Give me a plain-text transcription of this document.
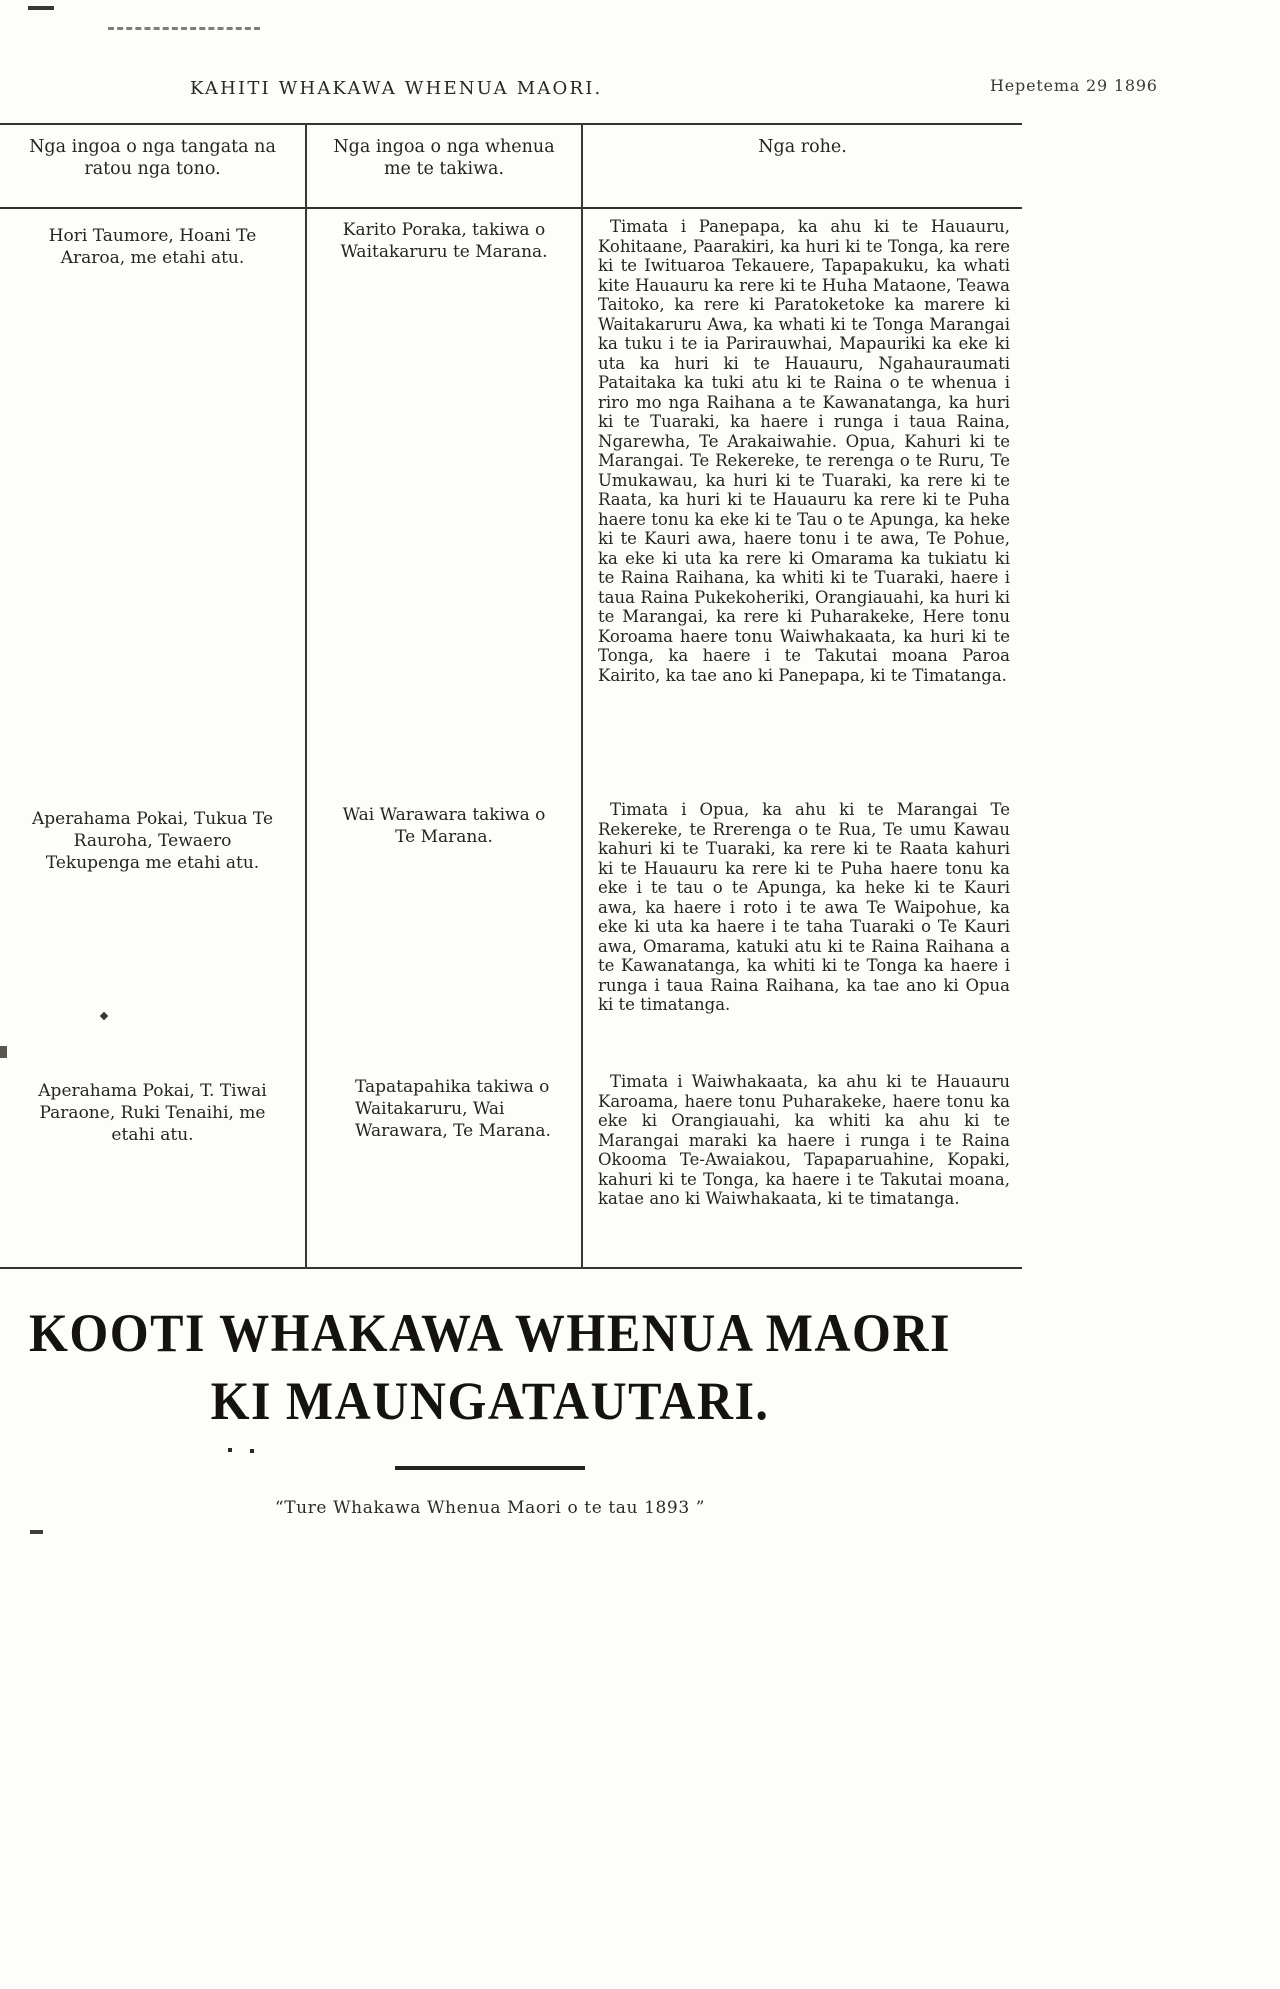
KAHITI WHAKAWA WHENUA MAORI.	Hepetema 29 1896
Nga ingoa o nga tangata na ratou nga tono.	Nga ingoa o nga whenua me te takiwa.	Nga rohe.
Hori Taumore, Hoani Te Araroa, me etahi atu.	Karito Poraka, takiwa o Waitakaruru te Marana.	Timata i Panepapa, ka ahu ki te Hauauru, Kohitaane, Paarakiri, ka huri ki te Tonga, ka rere ki te Iwituaroa Tekauere, Tapapakuku, ka whati kite Hauauru ka rere ki te Huha Mataone, Teawa Taitoko, ka rere ki Paratoketoke ka marere ki Waitakaruru Awa, ka whati ki te Tonga Marangai ka tuku i te ia Parirauwhai, Mapauriki ka eke ki uta ka huri ki te Hauauru, Ngahauraumati Pataitaka ka tuki atu ki te Raina o te whenua i riro mo nga Raihana a te Kawanatanga, ka huri ki te Tuaraki, ka haere i runga i taua Raina, Ngarewha, Te Arakaiwahie. Opua, Kahuri ki te Marangai. Te Rekereke, te rerenga o te Ruru, Te Umukawau, ka huri ki te Tuaraki, ka rere ki te Raata, ka huri ki te Hauauru ka rere ki te Puha haere tonu ka eke ki te Tau o te Apunga, ka heke ki te Kauri awa, haere tonu i te awa, Te Pohue, ka eke ki uta ka rere ki Omarama ka tukiatu ki te Raina Raihana, ka whiti ki te Tuaraki, haere i taua Raina Pukekoheriki, Orangiauahi, ka huri ki te Marangai, ka rere ki Puharakeke, Here tonu Koroama haere tonu Waiwhakaata, ka huri ki te Tonga, ka haere i te Takutai moana Paroa Kairito, ka tae ano ki Panepapa, ki te Timatanga.
Aperahama Pokai, Tukua Te Rauroha, Tewaero Tekupenga me etahi atu.	Wai Warawara takiwa o Te Marana.	Timata i Opua, ka ahu ki te Marangai Te Rekereke, te Rrerenga o te Rua, Te umu Kawau kahuri ki te Tuaraki, ka rere ki te Raata kahuri ki te Hauauru ka rere ki te Puha haere tonu ka eke i te tau o te Apunga, ka heke ki te Kauri awa, ka haere i roto i te awa Te Waipohue, ka eke ki uta ka haere i te taha Tuaraki o Te Kauri awa, Omarama, katuki atu ki te Raina Raihana a te Kawanatanga, ka whiti ki te Tonga ka haere i runga i taua Raina Raihana, ka tae ano ki Opua ki te timatanga.
Aperahama Pokai, T. Tiwai Paraone, Ruki Tenaihi, me etahi atu.	Tapatapahika takiwa o Waitakaruru, Wai Warawara, Te Marana.	Timata i Waiwhakaata, ka ahu ki te Hauauru Karoama, haere tonu Puharakeke, haere tonu ka eke ki Orangiauahi, ka whiti ka ahu ki te Marangai maraki ka haere i runga i te Raina Okooma Te-Awaiakou, Tapaparuahine, Kopaki, kahuri ki te Tonga, ka haere i te Takutai moana, katae ano ki Waiwhakaata, ki te timatanga.
KOOTI WHAKAWA WHENUA MAORI
KI MAUNGATAUTARI.
“Ture Whakawa Whenua Maori o te tau 1893 ”
